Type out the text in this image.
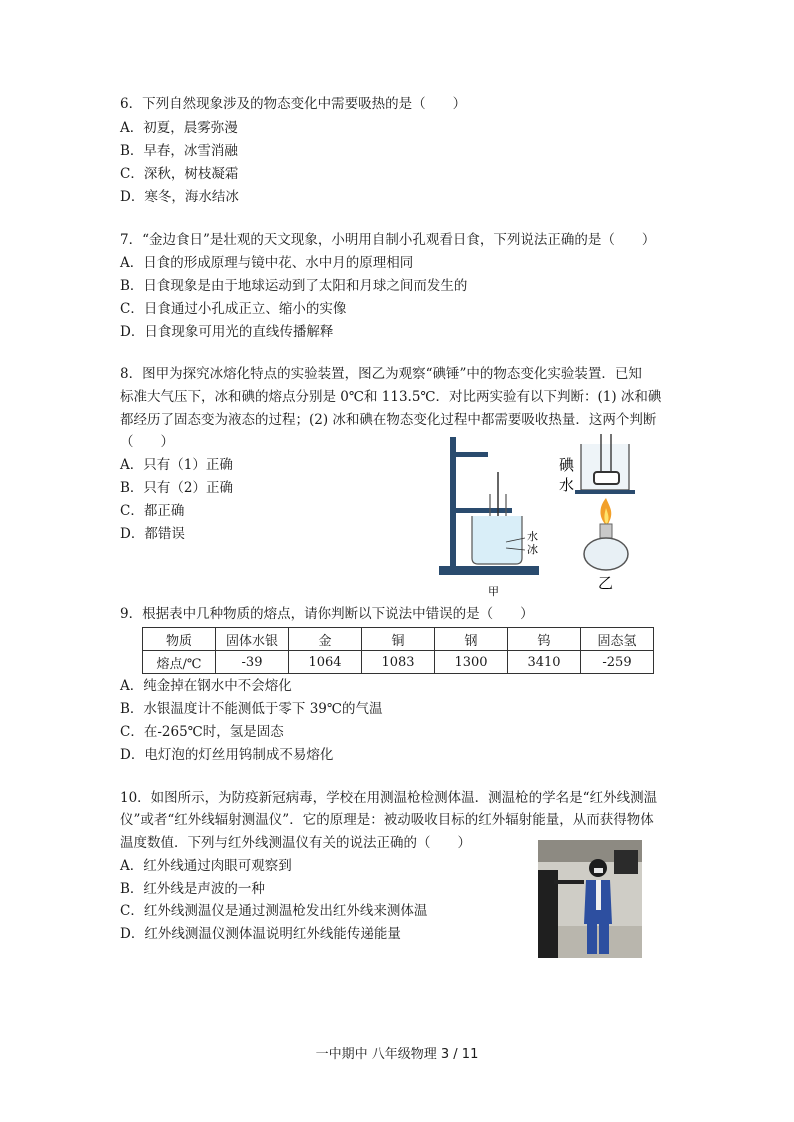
6．下列自然现象涉及的物态变化中需要吸热的是（　　）
A．初夏，晨雾弥漫
B．早春，冰雪消融
C．深秋，树枝凝霜
D．寒冬，海水结冰
7．“金边食日”是壮观的天文现象，小明用自制小孔观看日食，下列说法正确的是（　　）
A．日食的形成原理与镜中花、水中月的原理相同
B．日食现象是由于地球运动到了太阳和月球之间而发生的
C．日食通过小孔成正立、缩小的实像
D．日食现象可用光的直线传播解释
8．图甲为探究冰熔化特点的实验装置，图乙为观察“碘锤”中的物态变化实验装置．已知
标准大气压下，冰和碘的熔点分别是 0℃和 113.5℃．对比两实验有以下判断：(1) 冰和碘
都经历了固态变为液态的过程；(2) 冰和碘在物态变化过程中都需要吸收热量．这两个判断
（　　）
A．只有（1）正确
B．只有（2）正确
C．都正确
D．都错误	水
冰
甲
碘
水
乙
9．根据表中几种物质的熔点，请你判断以下说法中错误的是（　　）
物质	固体水银	金	铜	钢	钨	固态氢
熔点/℃	-39	1064	1083	1300	3410	-259
A．纯金掉在钢水中不会熔化
B．水银温度计不能测低于零下 39℃的气温
C．在-265℃时，氢是固态
D．电灯泡的灯丝用钨制成不易熔化
10．如图所示，为防疫新冠病毒，学校在用测温枪检测体温．测温枪的学名是“红外线测温
仪”或者“红外线辐射测温仪”．它的原理是：被动吸收目标的红外辐射能量，从而获得物体
温度数值．下列与红外线测温仪有关的说法正确的（　　）
A．红外线通过肉眼可观察到
B．红外线是声波的一种
C．红外线测温仪是通过测温枪发出红外线来测体温
D．红外线测温仪测体温说明红外线能传递能量
一中期中 八年级物理 3 / 11
